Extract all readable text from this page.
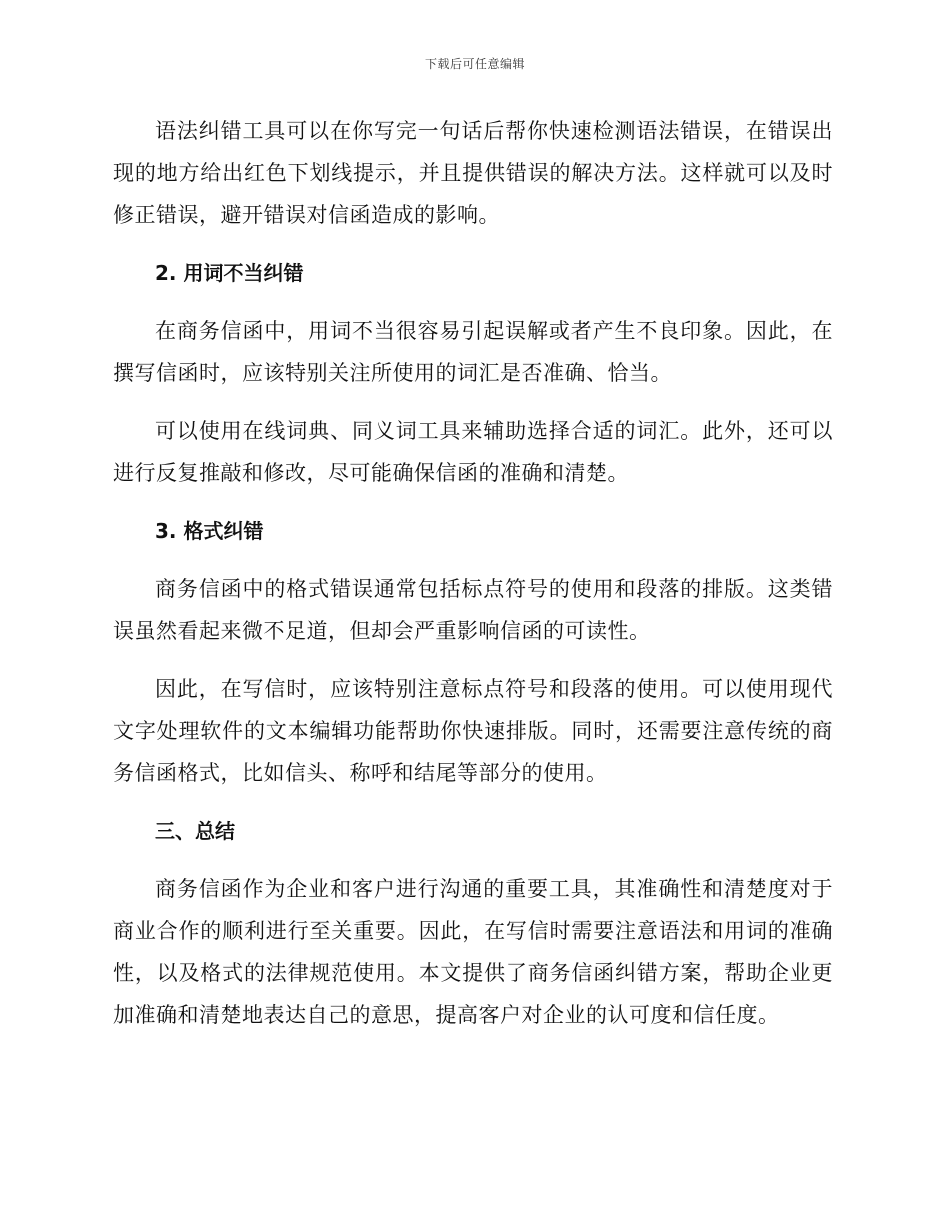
下载后可任意编辑

语法纠错工具可以在你写完一句话后帮你快速检测语法错误，在错误出现的地方给出红色下划线提示，并且提供错误的解决方法。这样就可以及时修正错误，避开错误对信函造成的影响。

2. 用词不当纠错

在商务信函中，用词不当很容易引起误解或者产生不良印象。因此，在撰写信函时，应该特别关注所使用的词汇是否准确、恰当。

可以使用在线词典、同义词工具来辅助选择合适的词汇。此外，还可以进行反复推敲和修改，尽可能确保信函的准确和清楚。

3. 格式纠错

商务信函中的格式错误通常包括标点符号的使用和段落的排版。这类错误虽然看起来微不足道，但却会严重影响信函的可读性。

因此，在写信时，应该特别注意标点符号和段落的使用。可以使用现代文字处理软件的文本编辑功能帮助你快速排版。同时，还需要注意传统的商务信函格式，比如信头、称呼和结尾等部分的使用。

三、总结

商务信函作为企业和客户进行沟通的重要工具，其准确性和清楚度对于商业合作的顺利进行至关重要。因此，在写信时需要注意语法和用词的准确性，以及格式的法律规范使用。本文提供了商务信函纠错方案，帮助企业更加准确和清楚地表达自己的意思，提高客户对企业的认可度和信任度。
